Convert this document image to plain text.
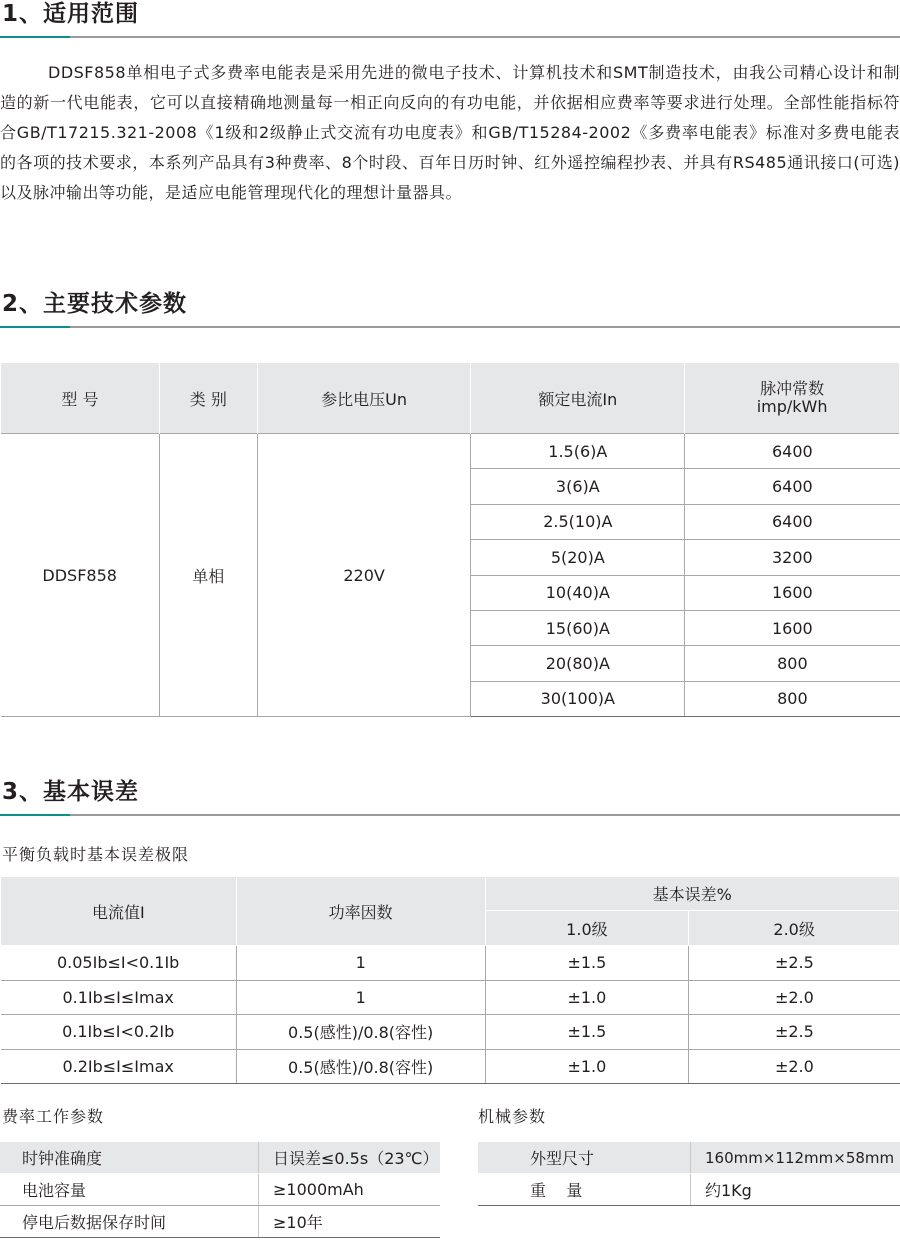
1、适用范围

DDSF858单相电子式多费率电能表是采用先进的微电子技术、计算机技术和SMT制造技术，由我公司精心设计和制造的新一代电能表，它可以直接精确地测量每一相正向反向的有功电能，并依据相应费率等要求进行处理。全部性能指标符合GB/T17215.321-2008《1级和2级静止式交流有功电度表》和GB/T15284-2002《多费率电能表》标准对多费电能表的各项的技术要求，本系列产品具有3种费率、8个时段、百年日历时钟、红外遥控编程抄表、并具有RS485通讯接口(可选)以及脉冲输出等功能，是适应电能管理现代化的理想计量器具。

2、主要技术参数
型 号	类 别	参比电压Un	额定电流In	脉冲常数
imp/kWh

DDSF858	单相	220V	1.5(6)A	6400
			3(6)A	6400
			2.5(10)A	6400
			5(20)A	3200
			10(40)A	1600
			15(60)A	1600
			20(80)A	800
			30(100)A	800
3、基本误差
平衡负载时基本误差极限
电流值I	功率因数	基本误差%	
		1.0级	2.0级
0.05Ib≤I<0.1Ib	1	±1.5	±2.5
0.1Ib≤I≤Imax	1	±1.0	±2.0
0.1Ib≤I<0.2Ib	0.5(感性)/0.8(容性)	±1.5	±2.5
0.2Ib≤I≤Imax	0.5(感性)/0.8(容性)	±1.0	±2.0
费率工作参数
时钟准确度	日误差≤0.5s（23℃）
电池容量	≥1000mAh
停电后数据保存时间	≥10年
机械参数
外型尺寸	160mm×112mm×58mm
重    量	约1Kg
